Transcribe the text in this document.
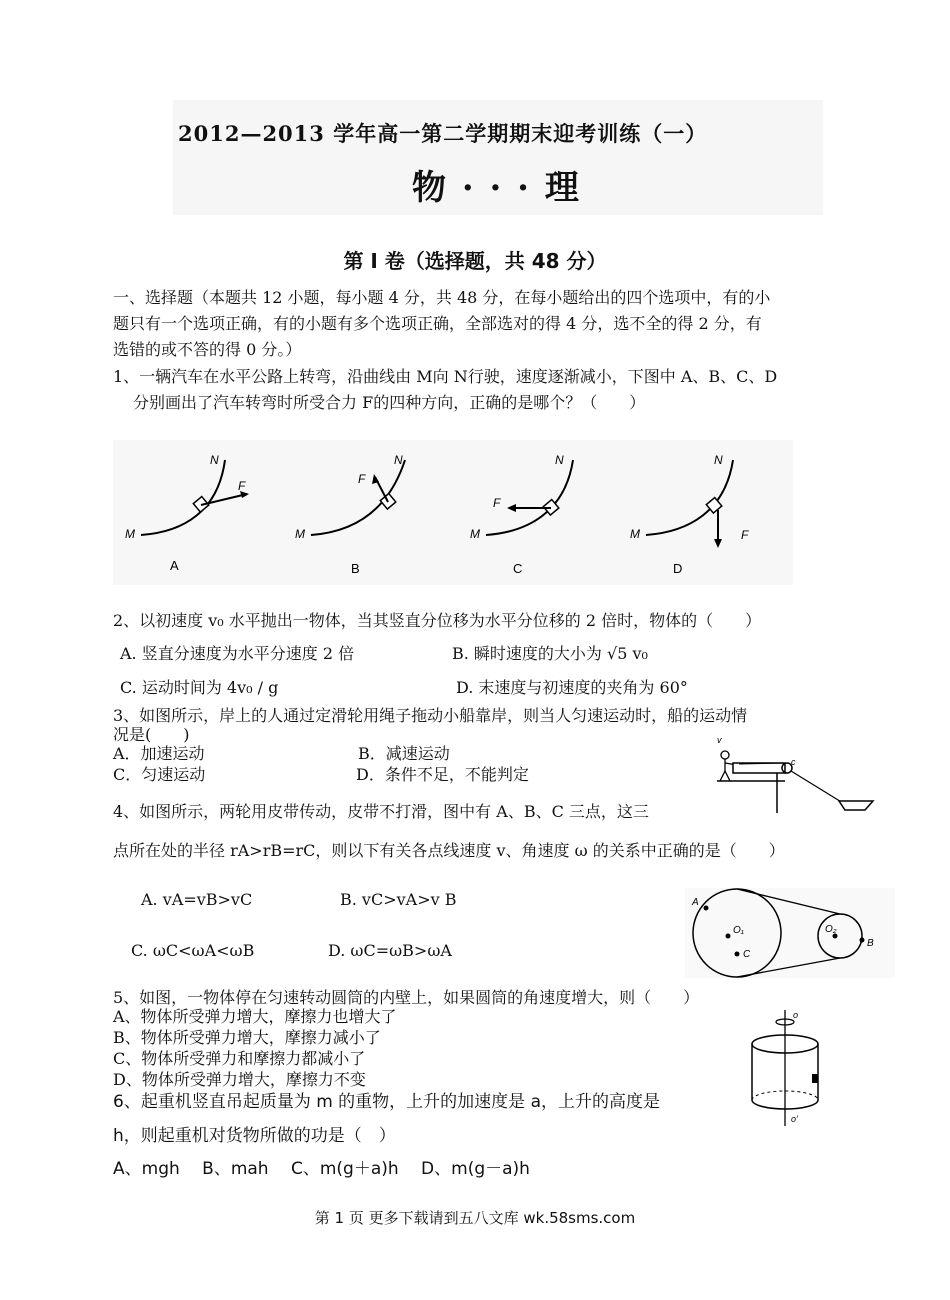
2012—2013 学年高一第二学期期末迎考训练（一）
物 · · · 理
第 I 卷（选择题，共 48 分）
一、选择题（本题共 12 小题，每小题 4 分，共 48 分，在每小题给出的四个选项中，有的小
题只有一个选项正确，有的小题有多个选项正确，全部选对的得 4 分，选不全的得 2 分，有
选错的或不答的得 0 分。）
1、一辆汽车在水平公路上转弯，沿曲线由 M向 N行驶，速度逐渐减小，下图中 A、B、C、D
分别画出了汽车转弯时所受合力 F的四种方向，正确的是哪个？（　　）
M
N
F
A
M
N
F
B
M
N
F
C
M
N
F
D
2、以初速度 v₀ 水平抛出一物体，当其竖直分位移为水平分位移的 2 倍时，物体的（　　）
A. 竖直分速度为水平分速度 2 倍	B. 瞬时速度的大小为 √5 v₀
C. 运动时间为 4v₀ / g	D. 末速度与初速度的夹角为 60°
3、如图所示，岸上的人通过定滑轮用绳子拖动小船靠岸，则当人匀速运动时，船的运动情
况是(　　)
A．加速运动	B．减速运动
C．匀速运动	D．条件不足，不能判定
v
c
4、如图所示，两轮用皮带传动，皮带不打滑，图中有 A、B、C 三点，这三
点所在处的半径 rA>rB=rC，则以下有关各点线速度 v、角速度 ω 的关系中正确的是（　　）
A. vA=vB>vC	B. vC>vA>v B
C. ωC<ωA<ωB	D. ωC=ωB>ωA
A
O₁
C
O₂
B
5、如图，一物体停在匀速转动圆筒的内壁上，如果圆筒的角速度增大，则（　　）
A、物体所受弹力增大，摩擦力也增大了
B、物体所受弹力增大，摩擦力减小了
C、物体所受弹力和摩擦力都减小了
D、物体所受弹力增大，摩擦力不变
o
o′
6、起重机竖直吊起质量为 m 的重物，上升的加速度是 a，上升的高度是
h，则起重机对货物所做的功是（　）
A、mgh　 B、mah　 C、m(g＋a)h　 D、m(g－a)h
第 1 页 更多下载请到五八文库 wk.58sms.com
